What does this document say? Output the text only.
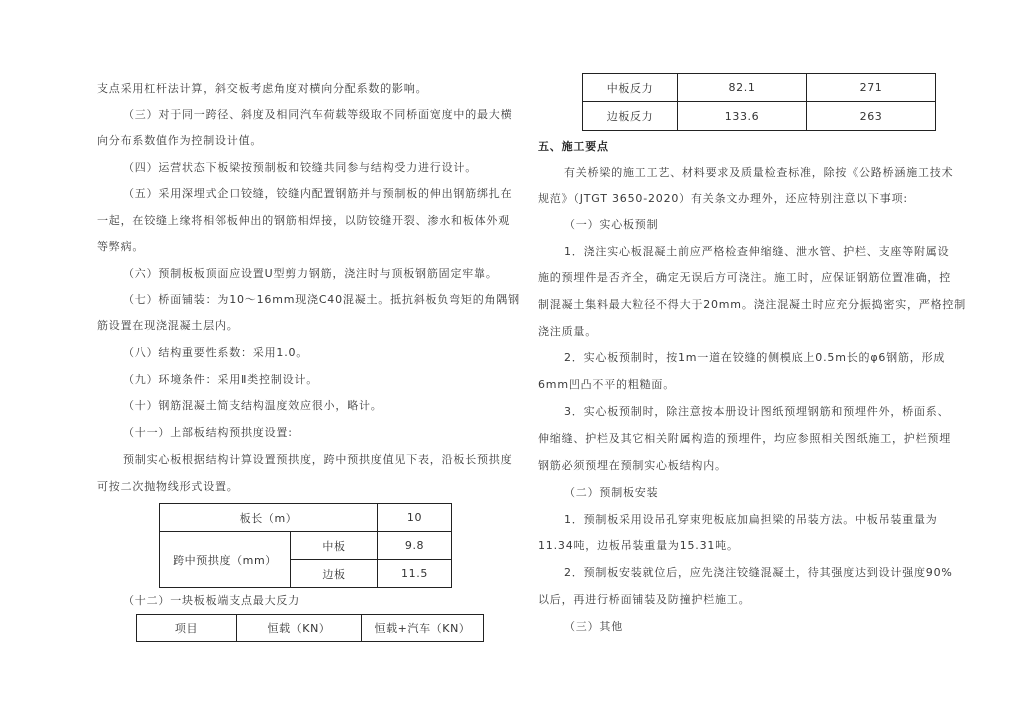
支点采用杠杆法计算，斜交板考虑角度对横向分配系数的影响。
（三）对于同一跨径、斜度及相同汽车荷载等级取不同桥面宽度中的最大横
向分布系数值作为控制设计值。
（四）运营状态下板梁按预制板和铰缝共同参与结构受力进行设计。
（五）采用深埋式企口铰缝，铰缝内配置钢筋并与预制板的伸出钢筋绑扎在
一起，在铰缝上缘将相邻板伸出的钢筋相焊接，以防铰缝开裂、渗水和板体外观
等弊病。
（六）预制板板顶面应设置U型剪力钢筋，浇注时与顶板钢筋固定牢靠。
（七）桥面铺装：为10～16mm现浇C40混凝土。抵抗斜板负弯矩的角隅钢
筋设置在现浇混凝土层内。
（八）结构重要性系数：采用1.0。
（九）环境条件：采用Ⅱ类控制设计。
（十）钢筋混凝土简支结构温度效应很小，略计。
（十一）上部板结构预拱度设置:
预制实心板根据结构计算设置预拱度，跨中预拱度值见下表，沿板长预拱度
可按二次抛物线形式设置。
板长（m）		10
跨中预拱度（mm）	中板	9.8
	边板	11.5
（十二）一块板板端支点最大反力
项目	恒载（KN）	恒载+汽车（KN）
中板反力	82.1	271
边板反力	133.6	263
五、施工要点
有关桥梁的施工工艺、材料要求及质量检查标准，除按《公路桥涵施工技术
规范》（JTGT 3650-2020）有关条文办理外，还应特别注意以下事项:
（一）实心板预制
1．浇注实心板混凝土前应严格检查伸缩缝、泄水管、护栏、支座等附属设
施的预埋件是否齐全，确定无误后方可浇注。施工时，应保证钢筋位置准确，控
制混凝土集料最大粒径不得大于20mm。浇注混凝土时应充分振捣密实，严格控制
浇注质量。
2．实心板预制时，按1m一道在铰缝的侧模底上0.5m长的φ6钢筋，形成
6mm凹凸不平的粗糙面。
3．实心板预制时，除注意按本册设计图纸预埋钢筋和预埋件外，桥面系、
伸缩缝、护栏及其它相关附属构造的预埋件，均应参照相关图纸施工，护栏预埋
钢筋必须预埋在预制实心板结构内。
（二）预制板安装
1．预制板采用设吊孔穿束兜板底加扁担梁的吊装方法。中板吊装重量为
11.34吨，边板吊装重量为15.31吨。
2．预制板安装就位后，应先浇注铰缝混凝土，待其强度达到设计强度90%
以后，再进行桥面铺装及防撞护栏施工。
（三）其他
